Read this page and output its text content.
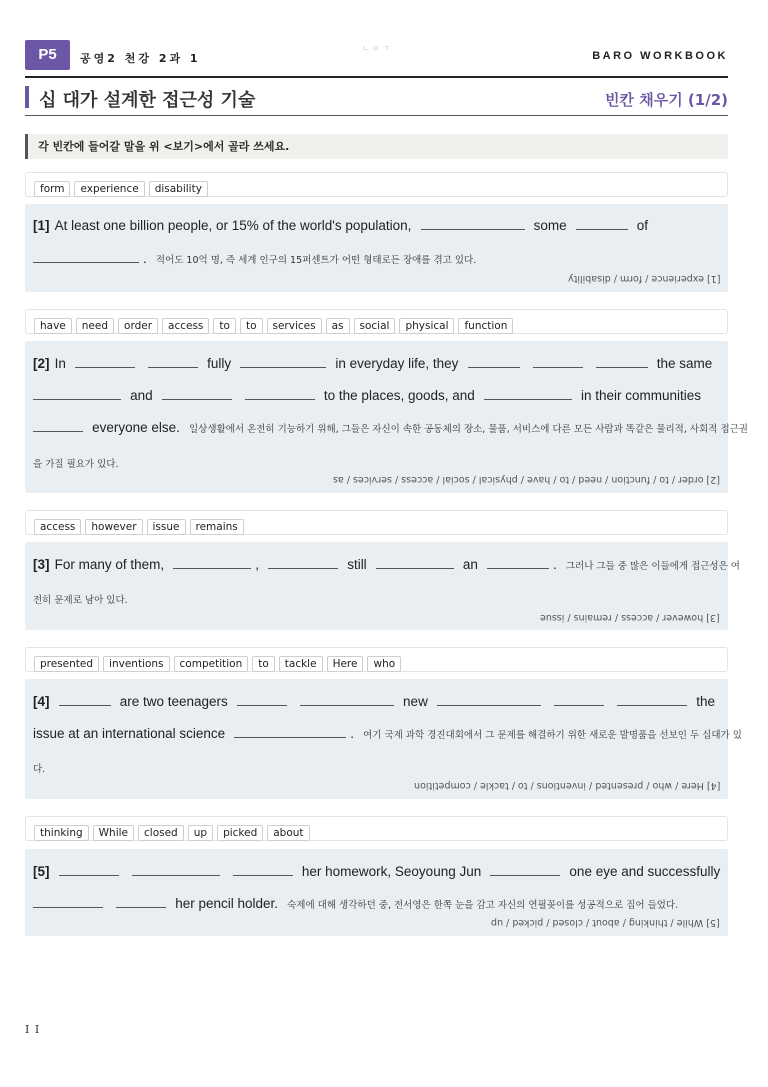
P5	공영2 천강 2과 1
ㄴㅇㄱ
BARO WORKBOOK
십 대가 설계한 접근성 기술	빈칸 채우기 (1/2)
각 빈칸에 들어갈 말을 위 <보기>에서 골라 쓰세요.
form experience disability
[1] At least one billion people, or 15% of the world's population,	some	of
. 적어도 10억 명, 즉 세계 인구의 15퍼센트가 어떤 형태로든 장애를 겪고 있다.
[1] experience / form / disability
have need order access to to services as social physical function
[2] In	fully	in everyday life, they	the same
and	to the places, goods, and	in their communities
everyone else. 일상생활에서 온전히 기능하기 위해, 그들은 자신이 속한 공동체의 장소, 물품, 서비스에 다른 모든 사람과 똑같은 물리적, 사회적 접근권
을 가질 필요가 있다.
[2] order / to / function / need / to / have / physical / social / access / services / as
access however issue remains
[3] For many of them,	,	still	an	. 그러나 그들 중 많은 이들에게 접근성은 여
전히 문제로 남아 있다.
[3] however / access / remains / issue
presented inventions competition to tackle Here who
[4]	are two teenagers	new	the
issue at an international science	. 여기 국제 과학 경진대회에서 그 문제를 해결하기 위한 새로운 발명품을 선보인 두 십대가 있
다.
[4] Here / who / presented / inventions / to / tackle / competition
thinking While closed up picked about
[5]	her homework, Seoyoung Jun	one eye and successfully
her pencil holder. 숙제에 대해 생각하던 중, 전서영은 한쪽 눈을 감고 자신의 연필꽂이를 성공적으로 집어 들었다.
[5] While / thinking / about / closed / picked / up
I I
